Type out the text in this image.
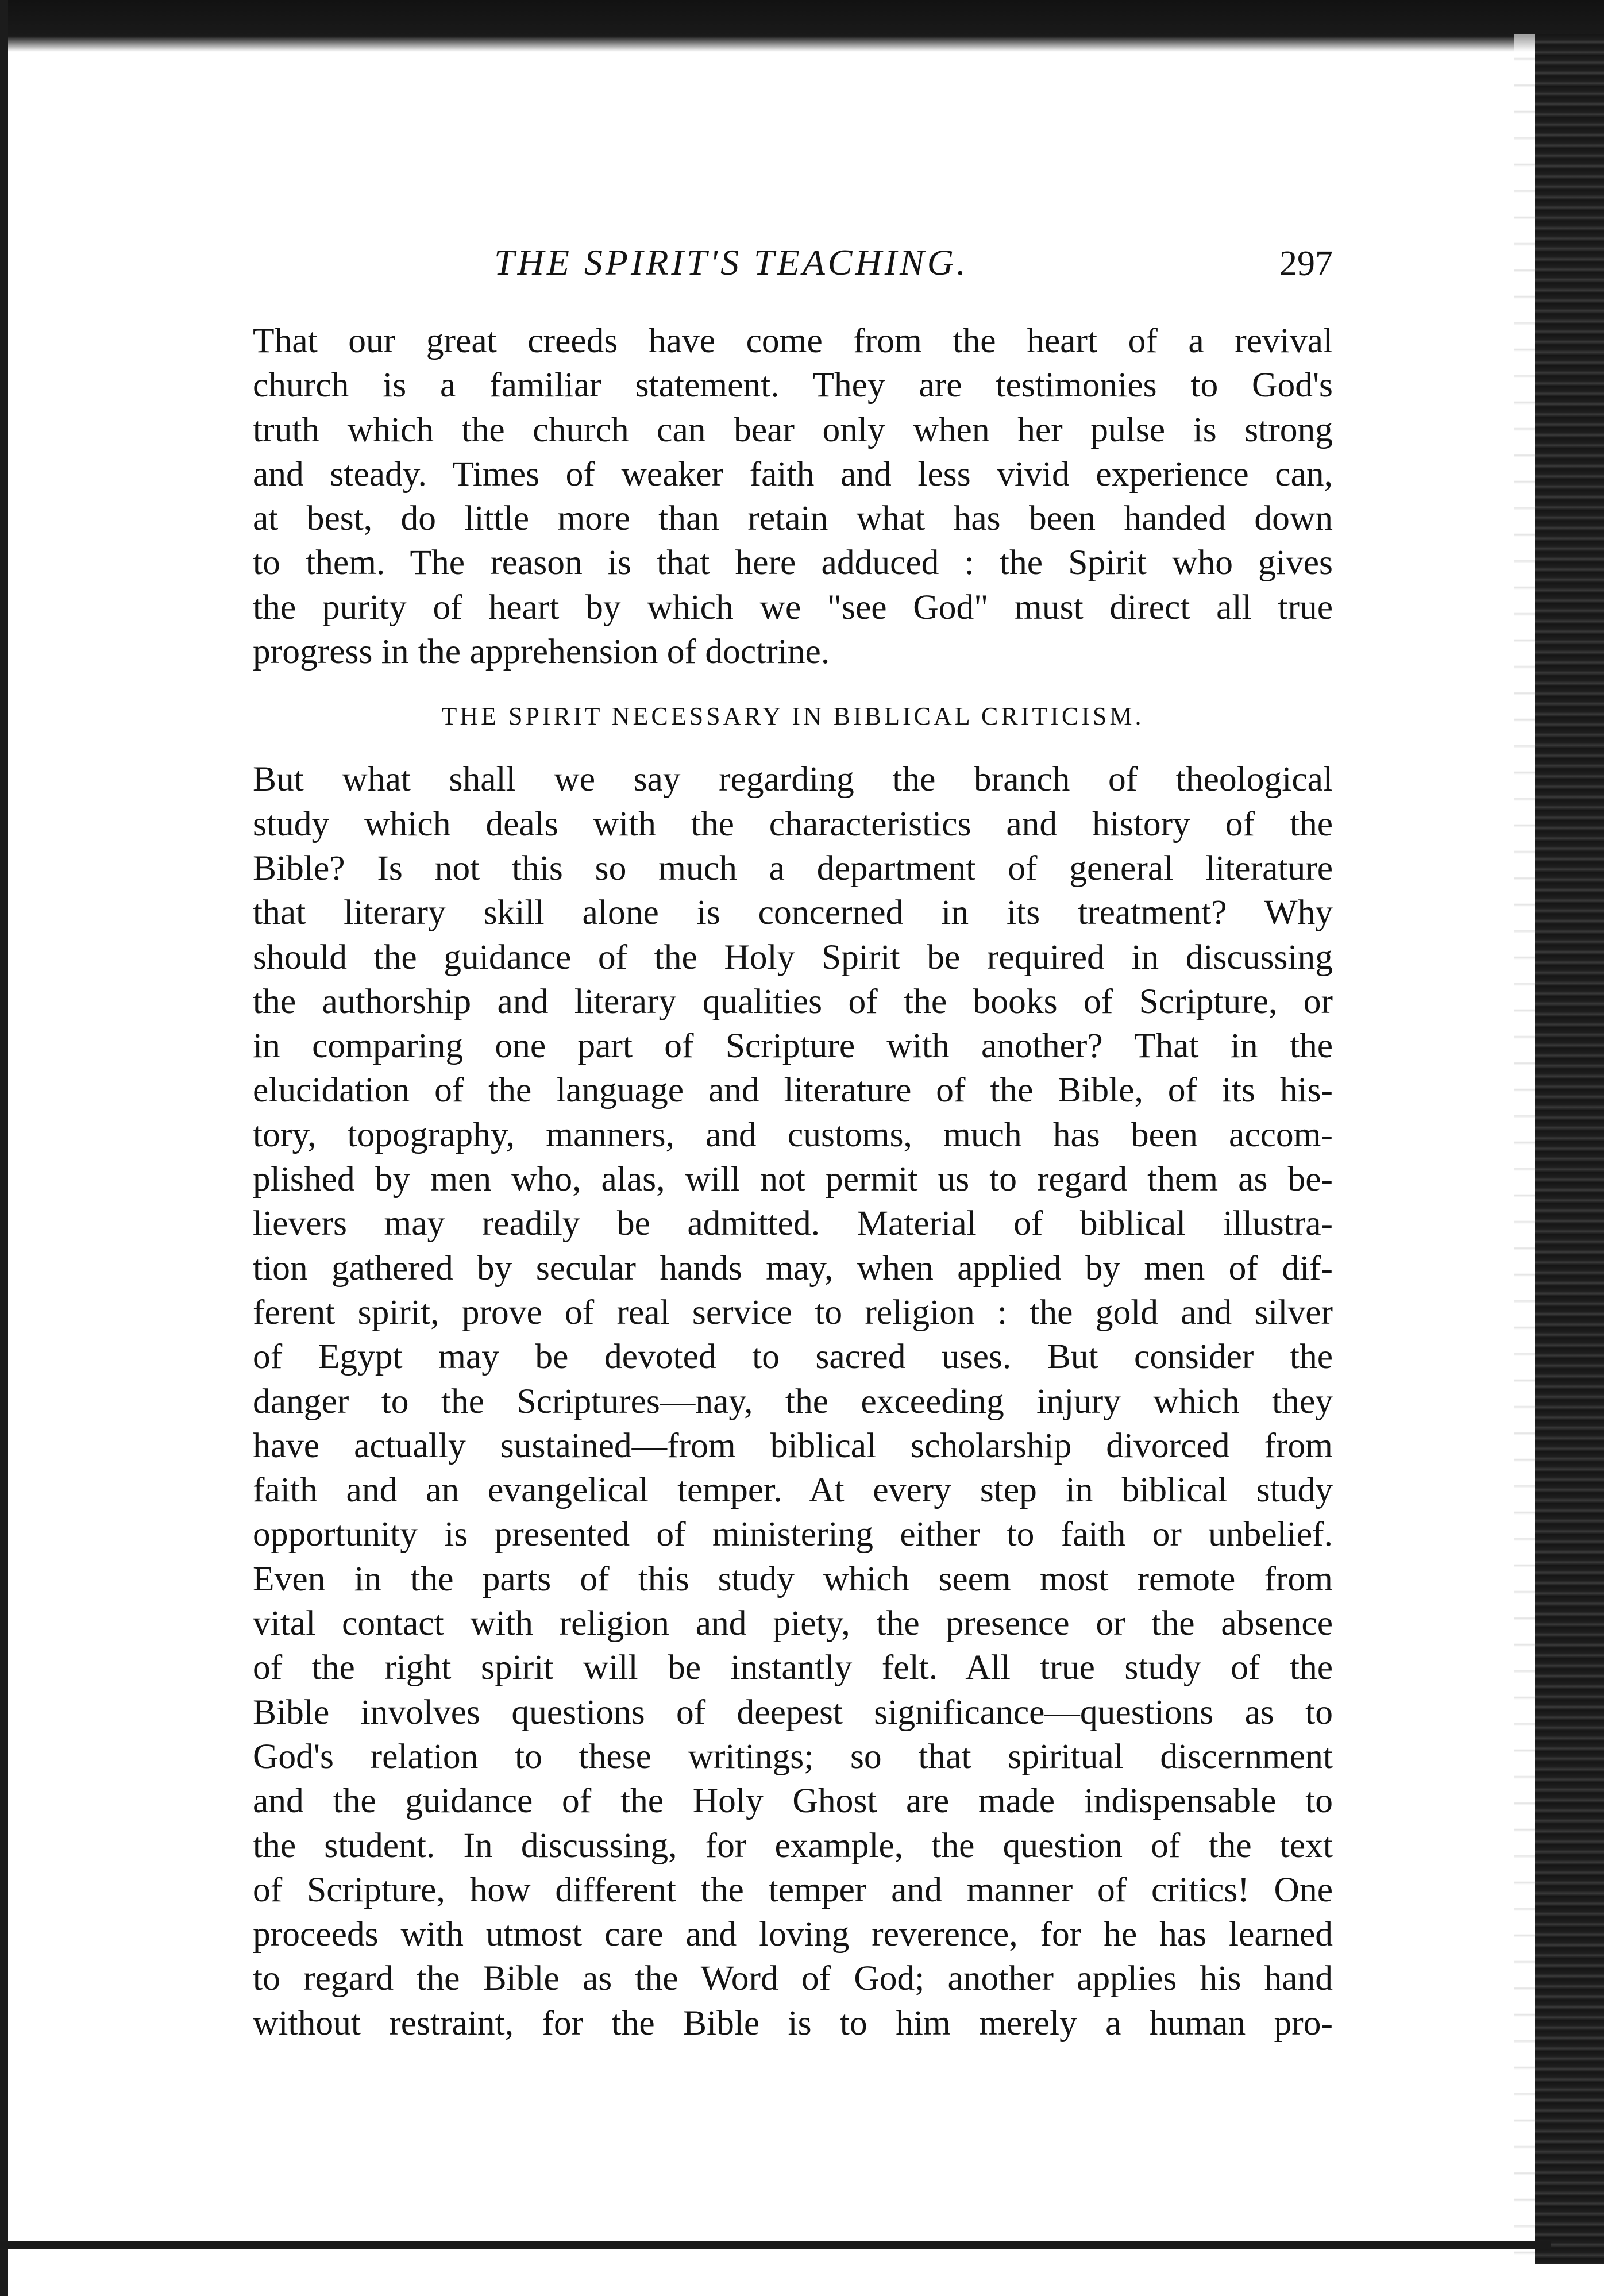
THE SPIRIT'S TEACHING.	297
That our great creeds have come from the heart of a revival
church is a familiar statement. They are testimonies to God's
truth which the church can bear only when her pulse is strong
and steady. Times of weaker faith and less vivid experience can,
at best, do little more than retain what has been handed down
to them. The reason is that here adduced : the Spirit who gives
the purity of heart by which we "see God" must direct all true
progress in the apprehension of doctrine.
THE SPIRIT NECESSARY IN BIBLICAL CRITICISM.
But what shall we say regarding the branch of theological
study which deals with the characteristics and history of the
Bible? Is not this so much a department of general literature
that literary skill alone is concerned in its treatment? Why
should the guidance of the Holy Spirit be required in discussing
the authorship and literary qualities of the books of Scripture, or
in comparing one part of Scripture with another? That in the
elucidation of the language and literature of the Bible, of its his-
tory, topography, manners, and customs, much has been accom-
plished by men who, alas, will not permit us to regard them as be-
lievers may readily be admitted. Material of biblical illustra-
tion gathered by secular hands may, when applied by men of dif-
ferent spirit, prove of real service to religion : the gold and silver
of Egypt may be devoted to sacred uses. But consider the
danger to the Scriptures—nay, the exceeding injury which they
have actually sustained—from biblical scholarship divorced from
faith and an evangelical temper. At every step in biblical study
opportunity is presented of ministering either to faith or unbelief.
Even in the parts of this study which seem most remote from
vital contact with religion and piety, the presence or the absence
of the right spirit will be instantly felt. All true study of the
Bible involves questions of deepest significance—questions as to
God's relation to these writings; so that spiritual discernment
and the guidance of the Holy Ghost are made indispensable to
the student. In discussing, for example, the question of the text
of Scripture, how different the temper and manner of critics! One
proceeds with utmost care and loving reverence, for he has learned
to regard the Bible as the Word of God; another applies his hand
without restraint, for the Bible is to him merely a human pro-
